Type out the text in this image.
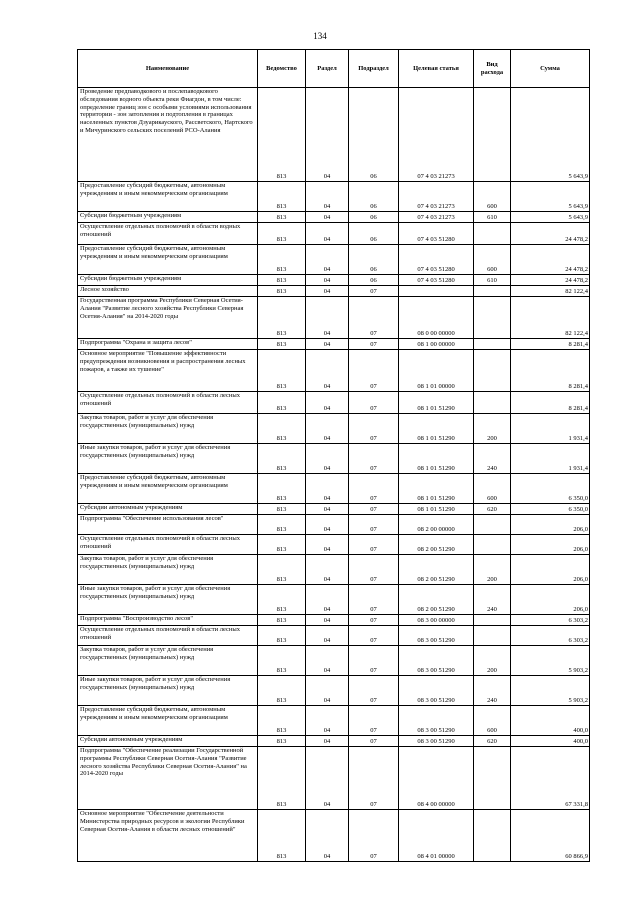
134
Наименование	Ведомство	Раздел	Подраздел	Целевая статья	Вид расхода	Сумма
Проведение предпаводкового и послепаводкового обследования водного объекта реки Фиагдон, в том числе: определение границ зон с особыми условиями использования территории - зон затопления и подтопления в границах населенных пунктов Дзуарикауского, Рассветского, Нартского и Мичуринского сельских поселений РСО-Алания	813	04	06	07 4 03 21273		5 643,9
Предоставление субсидий бюджетным, автономным учреждениям и иным некоммерческим организациям	813	04	06	07 4 03 21273	600	5 643,9
Субсидии бюджетным учреждениям	813	04	06	07 4 03 21273	610	5 643,9
Осуществление отдельных полномочий в области водных отношений	813	04	06	07 4 03 51280		24 478,2
Предоставление субсидий бюджетным, автономным учреждениям и иным некоммерческим организациям	813	04	06	07 4 03 51280	600	24 478,2
Субсидии бюджетным учреждениям	813	04	06	07 4 03 51280	610	24 478,2
Лесное хозяйство	813	04	07			82 122,4
Государственная программа Республики Северная Осетия-Алания "Развитие лесного хозяйства Республики Северная Осетия-Алания" на 2014-2020 годы	813	04	07	08 0 00 00000		82 122,4
Подпрограмма "Охрана и защита лесов"	813	04	07	08 1 00 00000		8 281,4
Основное мероприятие "Повышение эффективности предупреждения возникновения и распространения лесных пожаров, а также их тушение"	813	04	07	08 1 01 00000		8 281,4
Осуществление отдельных полномочий в области лесных отношений	813	04	07	08 1 01 51290		8 281,4
Закупка товаров, работ и услуг для обеспечения государственных (муниципальных) нужд	813	04	07	08 1 01 51290	200	1 931,4
Иные закупки товаров, работ и услуг для обеспечения государственных (муниципальных) нужд	813	04	07	08 1 01 51290	240	1 931,4
Предоставление субсидий бюджетным, автономным учреждениям и иным некоммерческим организациям	813	04	07	08 1 01 51290	600	6 350,0
Субсидии автономным учреждениям	813	04	07	08 1 01 51290	620	6 350,0
Подпрограмма "Обеспечение использования лесов"	813	04	07	08 2 00 00000		206,0
Осуществление отдельных полномочий в области лесных отношений	813	04	07	08 2 00 51290		206,0
Закупка товаров, работ и услуг для обеспечения государственных (муниципальных) нужд	813	04	07	08 2 00 51290	200	206,0
Иные закупки товаров, работ и услуг для обеспечения государственных (муниципальных) нужд	813	04	07	08 2 00 51290	240	206,0
Подпрограмма "Воспроизводство лесов"	813	04	07	08 3 00 00000		6 303,2
Осуществление отдельных полномочий в области лесных отношений	813	04	07	08 3 00 51290		6 303,2
Закупка товаров, работ и услуг для обеспечения государственных (муниципальных) нужд	813	04	07	08 3 00 51290	200	5 903,2
Иные закупки товаров, работ и услуг для обеспечения государственных (муниципальных) нужд	813	04	07	08 3 00 51290	240	5 903,2
Предоставление субсидий бюджетным, автономным учреждениям и иным некоммерческим организациям	813	04	07	08 3 00 51290	600	400,0
Субсидии автономным учреждениям	813	04	07	08 3 00 51290	620	400,0
Подпрограмма "Обеспечение реализации Государственной программы Республики Северная Осетия-Алания "Развитие лесного хозяйства Республики Северная Осетия-Алания" на 2014-2020 годы	813	04	07	08 4 00 00000		67 331,8
Основное мероприятие "Обеспечение деятельности Министерства природных ресурсов и экологии Республики Северная Осетия-Алания в области лесных отношений"	813	04	07	08 4 01 00000		60 866,9
